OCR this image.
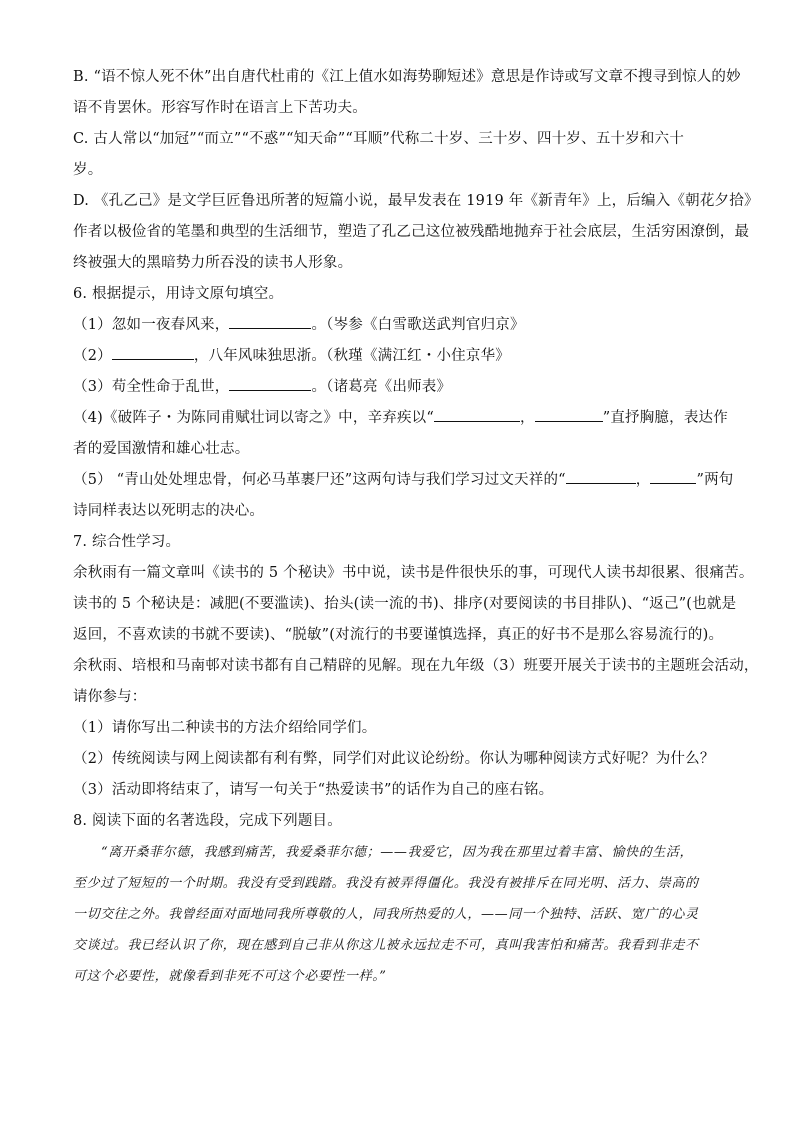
B. “语不惊人死不休”出自唐代杜甫的《江上值水如海势聊短述》意思是作诗或写文章不搜寻到惊人的妙
语不肯罢休。形容写作时在语言上下苦功夫。
C. 古人常以“加冠”“而立”“不惑”“知天命”“耳顺”代称二十岁、三十岁、四十岁、五十岁和六十
岁。
D. 《孔乙己》是文学巨匠鲁迅所著的短篇小说，最早发表在 1919 年《新青年》上，后编入《朝花夕拾》
作者以极俭省的笔墨和典型的生活细节，塑造了孔乙己这位被残酷地抛弃于社会底层，生活穷困潦倒，最
终被强大的黑暗势力所吞没的读书人形象。
6. 根据提示，用诗文原句填空。
（1）忽如一夜春风来，	。（岑参《白雪歌送武判官归京》
（2）	，八年风味独思浙。（秋瑾《满江红・小住京华》
（3）苟全性命于乱世，	。（诸葛亮《出师表》
（4)《破阵子・为陈同甫赋壮词以寄之》中，辛弃疾以“	，	”直抒胸臆，表达作
者的爱国激情和雄心壮志。
（5） “青山处处埋忠骨，何必马革裹尸还”这两句诗与我们学习过文天祥的“	，	”两句
诗同样表达以死明志的决心。
7. 综合性学习。
余秋雨有一篇文章叫《读书的 5 个秘诀》书中说，读书是件很快乐的事，可现代人读书却很累、很痛苦。
读书的 5 个秘诀是：减肥(不要滥读)、抬头(读一流的书)、排序(对要阅读的书目排队)、“返己”(也就是
返回，不喜欢读的书就不要读)、“脱敏”(对流行的书要谨慎选择，真正的好书不是那么容易流行的)。
余秋雨、培根和马南邨对读书都有自己精辟的见解。现在九年级（3）班要开展关于读书的主题班会活动，
请你参与：
（1）请你写出二种读书的方法介绍给同学们。
（2）传统阅读与网上阅读都有利有弊，同学们对此议论纷纷。你认为哪种阅读方式好呢？为什么？
（3）活动即将结束了，请写一句关于“热爱读书”的话作为自己的座右铭。
8. 阅读下面的名著选段，完成下列题目。
“离开桑菲尔德，我感到痛苦，我爱桑菲尔德；——我爱它，因为我在那里过着丰富、愉快的生活，
至少过了短短的一个时期。我没有受到践踏。我没有被弄得僵化。我没有被排斥在同光明、活力、崇高的
一切交往之外。我曾经面对面地同我所尊敬的人，同我所热爱的人，——同一个独特、活跃、宽广的心灵
交谈过。我已经认识了你，现在感到自己非从你这儿被永远拉走不可，真叫我害怕和痛苦。我看到非走不
可这个必要性，就像看到非死不可这个必要性一样。”
